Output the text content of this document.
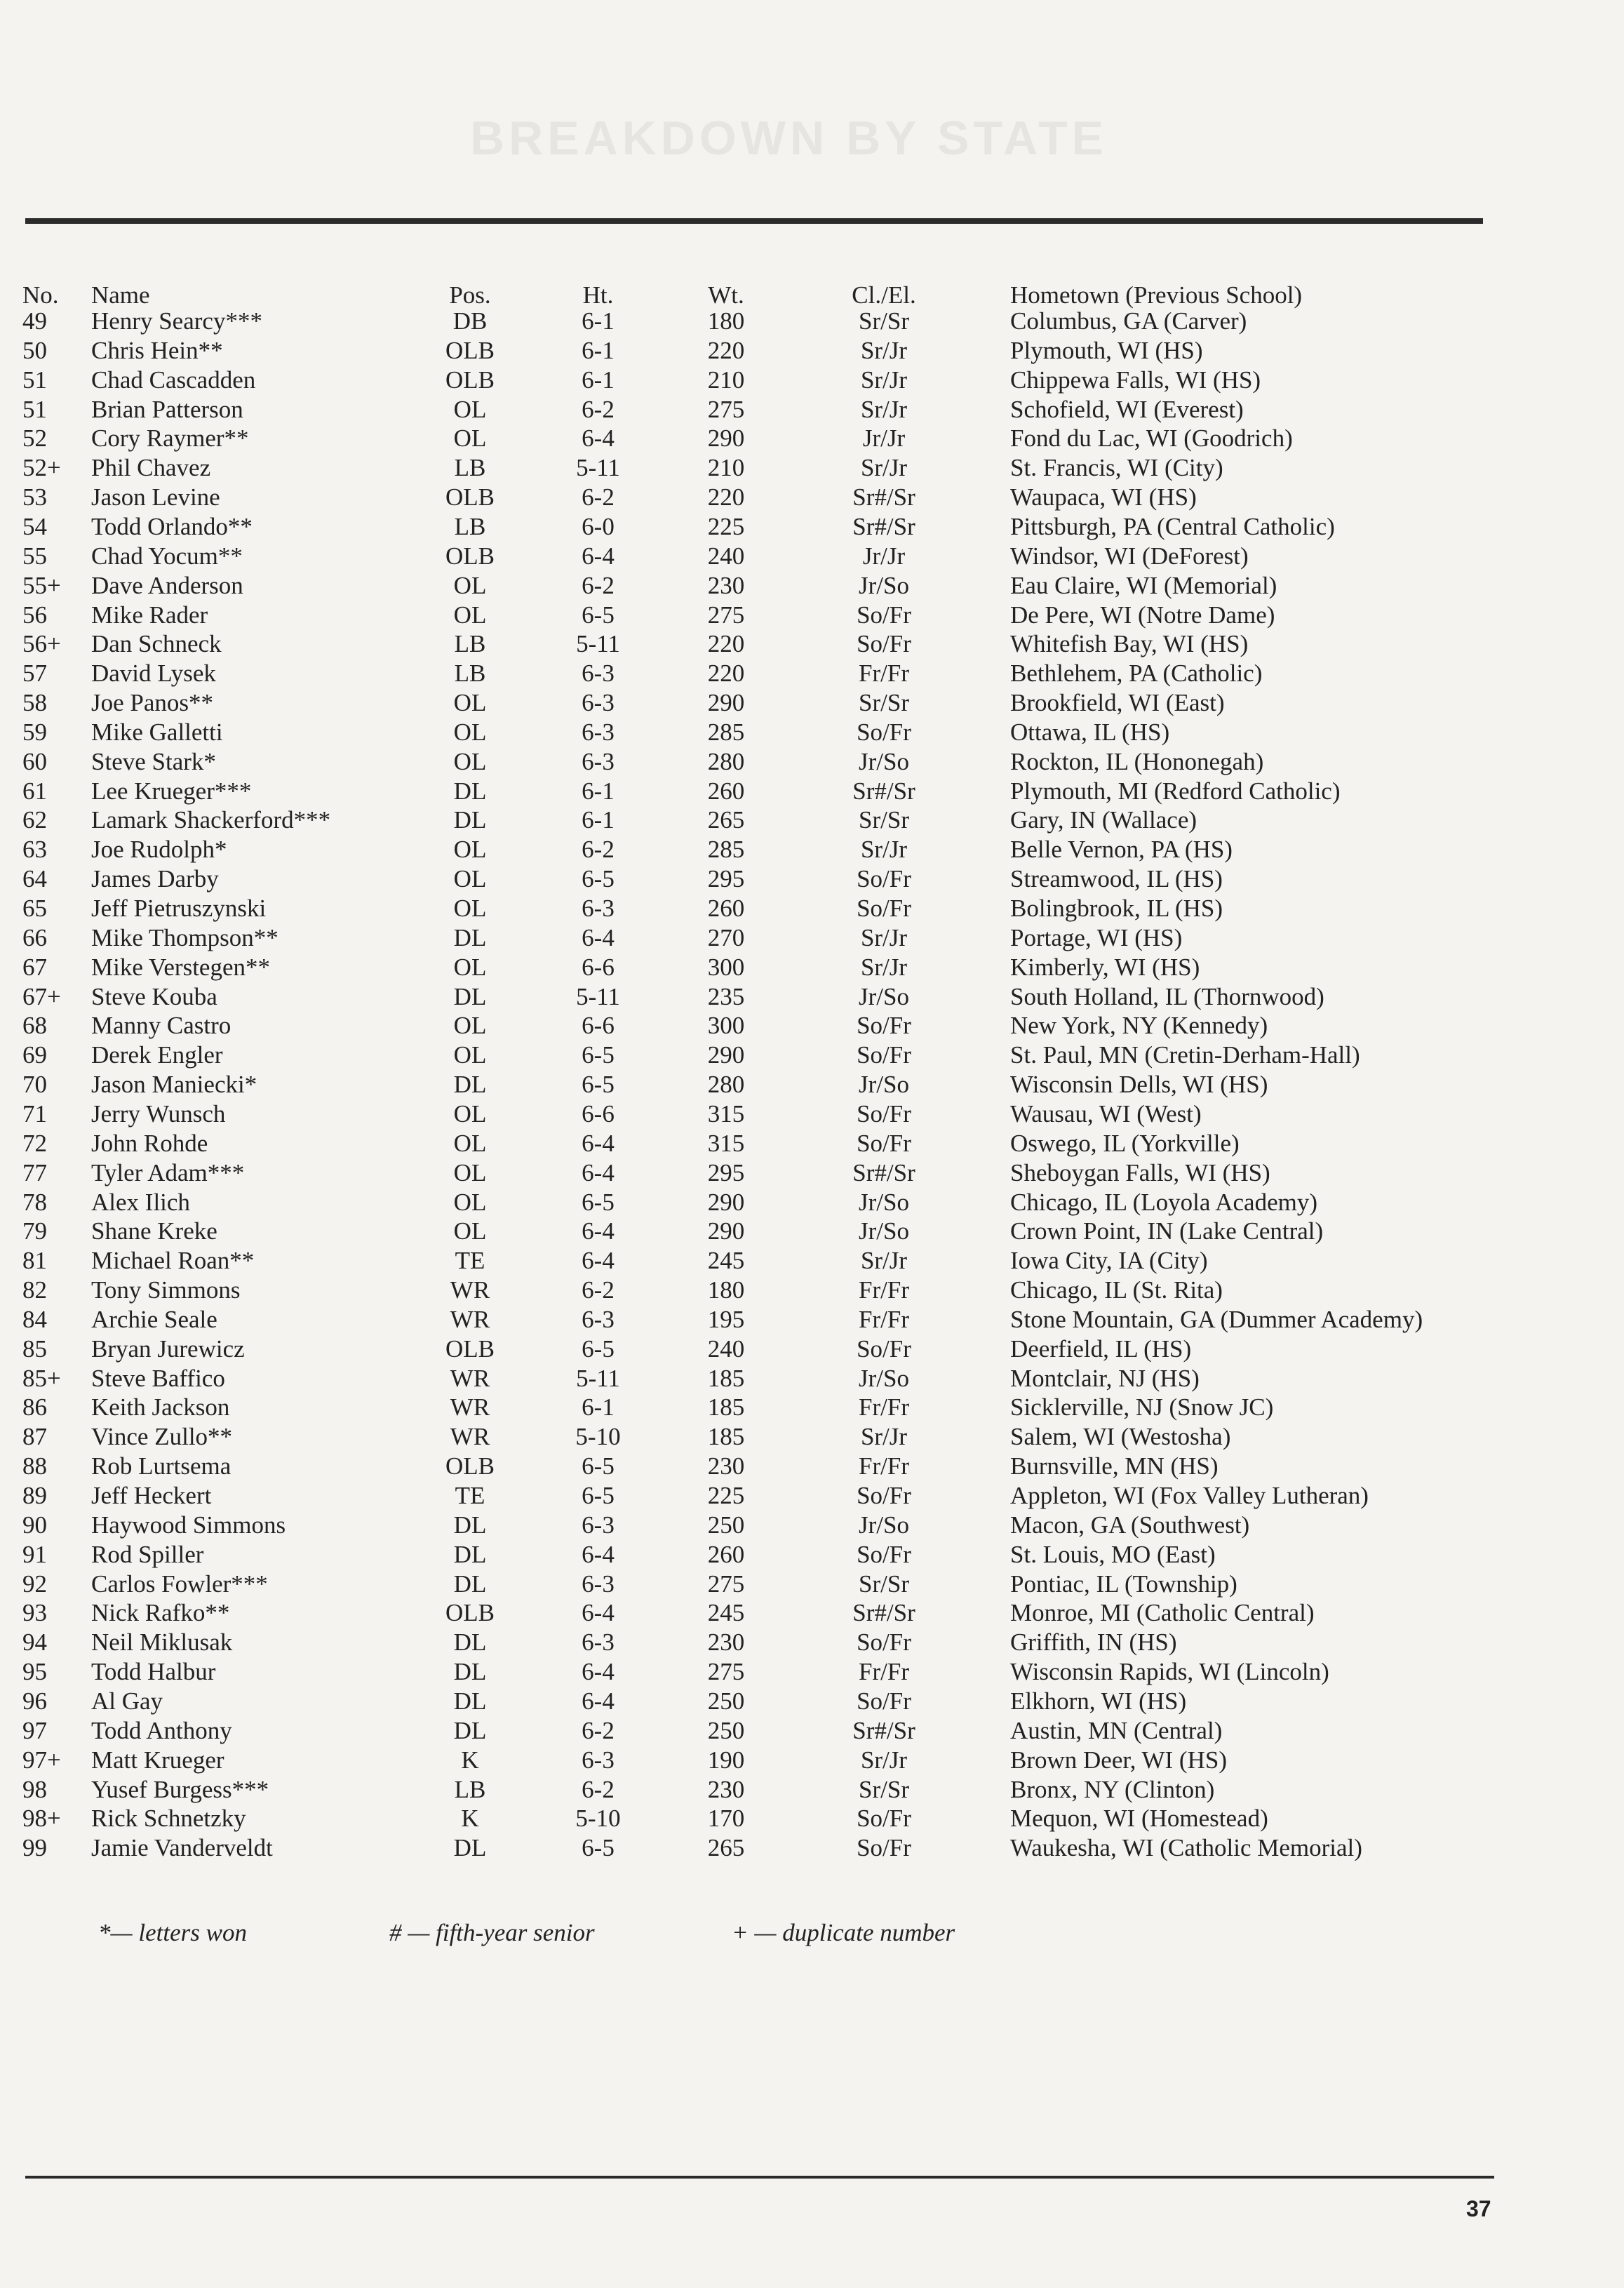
BREAKDOWN BY STATE
No. Name	Pos.	Ht.	Wt.	Cl./El.	Hometown (Previous School)
49 Henry Searcy***	DB	6-1	180	Sr/Sr	Columbus, GA (Carver)
50 Chris Hein**	OLB	6-1	220	Sr/Jr	Plymouth, WI (HS)
51 Chad Cascadden	OLB	6-1	210	Sr/Jr	Chippewa Falls, WI (HS)
51 Brian Patterson	OL	6-2	275	Sr/Jr	Schofield, WI (Everest)
52 Cory Raymer**	OL	6-4	290	Jr/Jr	Fond du Lac, WI (Goodrich)
52+ Phil Chavez	LB	5-11	210	Sr/Jr	St. Francis, WI (City)
53 Jason Levine	OLB	6-2	220	Sr#/Sr	Waupaca, WI (HS)
54 Todd Orlando**	LB	6-0	225	Sr#/Sr	Pittsburgh, PA (Central Catholic)
55 Chad Yocum**	OLB	6-4	240	Jr/Jr	Windsor, WI (DeForest)
55+ Dave Anderson	OL	6-2	230	Jr/So	Eau Claire, WI (Memorial)
56 Mike Rader	OL	6-5	275	So/Fr	De Pere, WI (Notre Dame)
56+ Dan Schneck	LB	5-11	220	So/Fr	Whitefish Bay, WI (HS)
57 David Lysek	LB	6-3	220	Fr/Fr	Bethlehem, PA (Catholic)
58 Joe Panos**	OL	6-3	290	Sr/Sr	Brookfield, WI (East)
59 Mike Galletti	OL	6-3	285	So/Fr	Ottawa, IL (HS)
60 Steve Stark*	OL	6-3	280	Jr/So	Rockton, IL (Hononegah)
61 Lee Krueger***	DL	6-1	260	Sr#/Sr	Plymouth, MI (Redford Catholic)
62 Lamark Shackerford***	DL	6-1	265	Sr/Sr	Gary, IN (Wallace)
63 Joe Rudolph*	OL	6-2	285	Sr/Jr	Belle Vernon, PA (HS)
64 James Darby	OL	6-5	295	So/Fr	Streamwood, IL (HS)
65 Jeff Pietruszynski	OL	6-3	260	So/Fr	Bolingbrook, IL (HS)
66 Mike Thompson**	DL	6-4	270	Sr/Jr	Portage, WI (HS)
67 Mike Verstegen**	OL	6-6	300	Sr/Jr	Kimberly, WI (HS)
67+ Steve Kouba	DL	5-11	235	Jr/So	South Holland, IL (Thornwood)
68 Manny Castro	OL	6-6	300	So/Fr	New York, NY (Kennedy)
69 Derek Engler	OL	6-5	290	So/Fr	St. Paul, MN (Cretin-Derham-Hall)
70 Jason Maniecki*	DL	6-5	280	Jr/So	Wisconsin Dells, WI (HS)
71 Jerry Wunsch	OL	6-6	315	So/Fr	Wausau, WI (West)
72 John Rohde	OL	6-4	315	So/Fr	Oswego, IL (Yorkville)
77 Tyler Adam***	OL	6-4	295	Sr#/Sr	Sheboygan Falls, WI (HS)
78 Alex Ilich	OL	6-5	290	Jr/So	Chicago, IL (Loyola Academy)
79 Shane Kreke	OL	6-4	290	Jr/So	Crown Point, IN (Lake Central)
81 Michael Roan**	TE	6-4	245	Sr/Jr	Iowa City, IA (City)
82 Tony Simmons	WR	6-2	180	Fr/Fr	Chicago, IL (St. Rita)
84 Archie Seale	WR	6-3	195	Fr/Fr	Stone Mountain, GA (Dummer Academy)
85 Bryan Jurewicz	OLB	6-5	240	So/Fr	Deerfield, IL (HS)
85+ Steve Baffico	WR	5-11	185	Jr/So	Montclair, NJ (HS)
86 Keith Jackson	WR	6-1	185	Fr/Fr	Sicklerville, NJ (Snow JC)
87 Vince Zullo**	WR	5-10	185	Sr/Jr	Salem, WI (Westosha)
88 Rob Lurtsema	OLB	6-5	230	Fr/Fr	Burnsville, MN (HS)
89 Jeff Heckert	TE	6-5	225	So/Fr	Appleton, WI (Fox Valley Lutheran)
90 Haywood Simmons	DL	6-3	250	Jr/So	Macon, GA (Southwest)
91 Rod Spiller	DL	6-4	260	So/Fr	St. Louis, MO (East)
92 Carlos Fowler***	DL	6-3	275	Sr/Sr	Pontiac, IL (Township)
93 Nick Rafko**	OLB	6-4	245	Sr#/Sr	Monroe, MI (Catholic Central)
94 Neil Miklusak	DL	6-3	230	So/Fr	Griffith, IN (HS)
95 Todd Halbur	DL	6-4	275	Fr/Fr	Wisconsin Rapids, WI (Lincoln)
96 Al Gay	DL	6-4	250	So/Fr	Elkhorn, WI (HS)
97 Todd Anthony	DL	6-2	250	Sr#/Sr	Austin, MN (Central)
97+ Matt Krueger	K	6-3	190	Sr/Jr	Brown Deer, WI (HS)
98 Yusef Burgess***	LB	6-2	230	Sr/Sr	Bronx, NY (Clinton)
98+ Rick Schnetzky	K	5-10	170	So/Fr	Mequon, WI (Homestead)
99 Jamie Vanderveldt	DL	6-5	265	So/Fr	Waukesha, WI (Catholic Memorial)
*— letters won	# — fifth-year senior	+ — duplicate number
37
